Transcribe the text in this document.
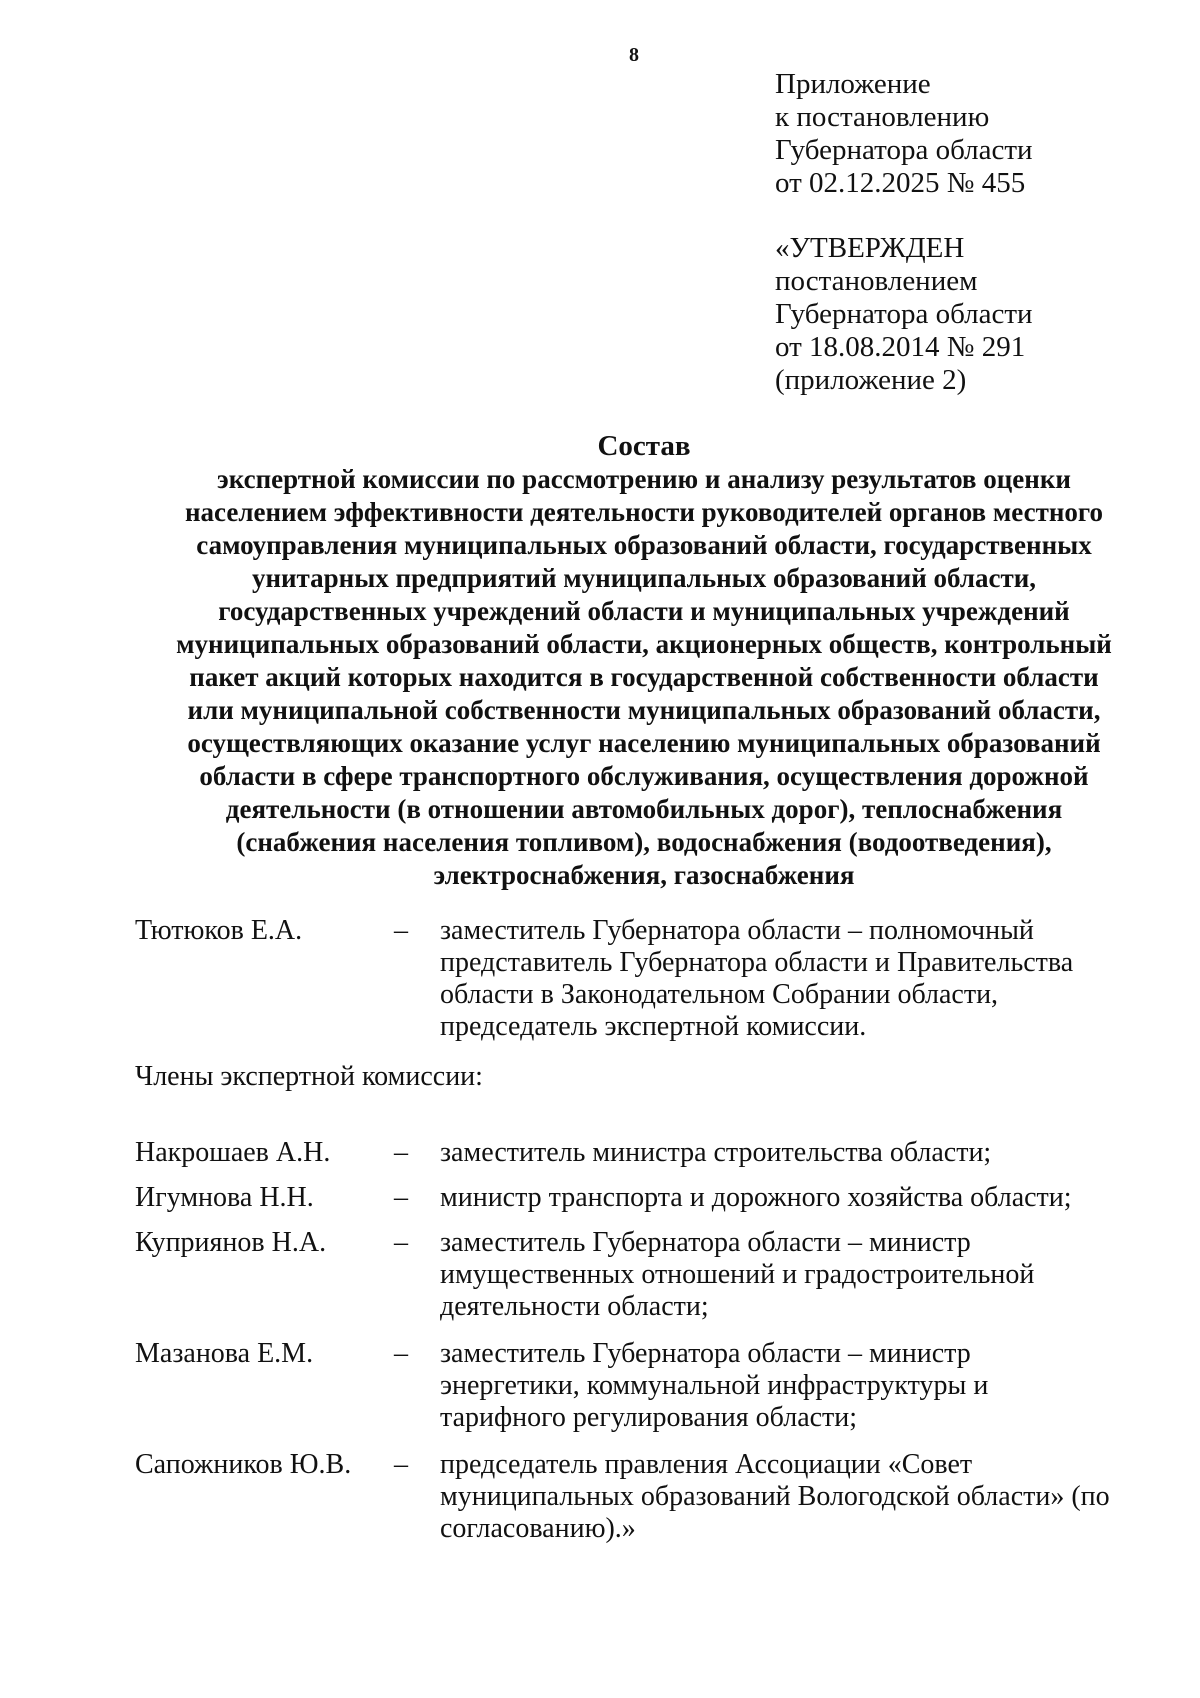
8
Приложение
к постановлению
Губернатора области
от 02.12.2025 № 455
«УТВЕРЖДЕН
постановлением
Губернатора области
от 18.08.2014 № 291
(приложение 2)
Состав
экспертной комиссии по рассмотрению и анализу результатов оценки
населением эффективности деятельности руководителей органов местного
самоуправления муниципальных образований области, государственных
унитарных предприятий муниципальных образований области,
государственных учреждений области и муниципальных учреждений
муниципальных образований области, акционерных обществ, контрольный
пакет акций которых находится в государственной собственности области
или муниципальной собственности муниципальных образований области,
осуществляющих оказание услуг населению муниципальных образований
области в сфере транспортного обслуживания, осуществления дорожной
деятельности (в отношении автомобильных дорог), теплоснабжения
(снабжения населения топливом), водоснабжения (водоотведения),
электроснабжения, газоснабжения
Тютюков Е.А.	– заместитель Губернатора области – полномочный
представитель Губернатора области и Правительства
области в Законодательном Собрании области,
председатель экспертной комиссии.
Члены экспертной комиссии:
Накрошаев А.Н. – заместитель министра строительства области;
Игумнова Н.Н.	– министр транспорта и дорожного хозяйства области;
Куприянов Н.А. – заместитель Губернатора области – министр
имущественных отношений и градостроительной
деятельности области;
Мазанова Е.М.	– заместитель Губернатора области – министр
энергетики, коммунальной инфраструктуры и
тарифного регулирования области;
Сапожников Ю.В. – председатель правления Ассоциации «Совет
муниципальных образований Вологодской области» (по
согласованию).»
